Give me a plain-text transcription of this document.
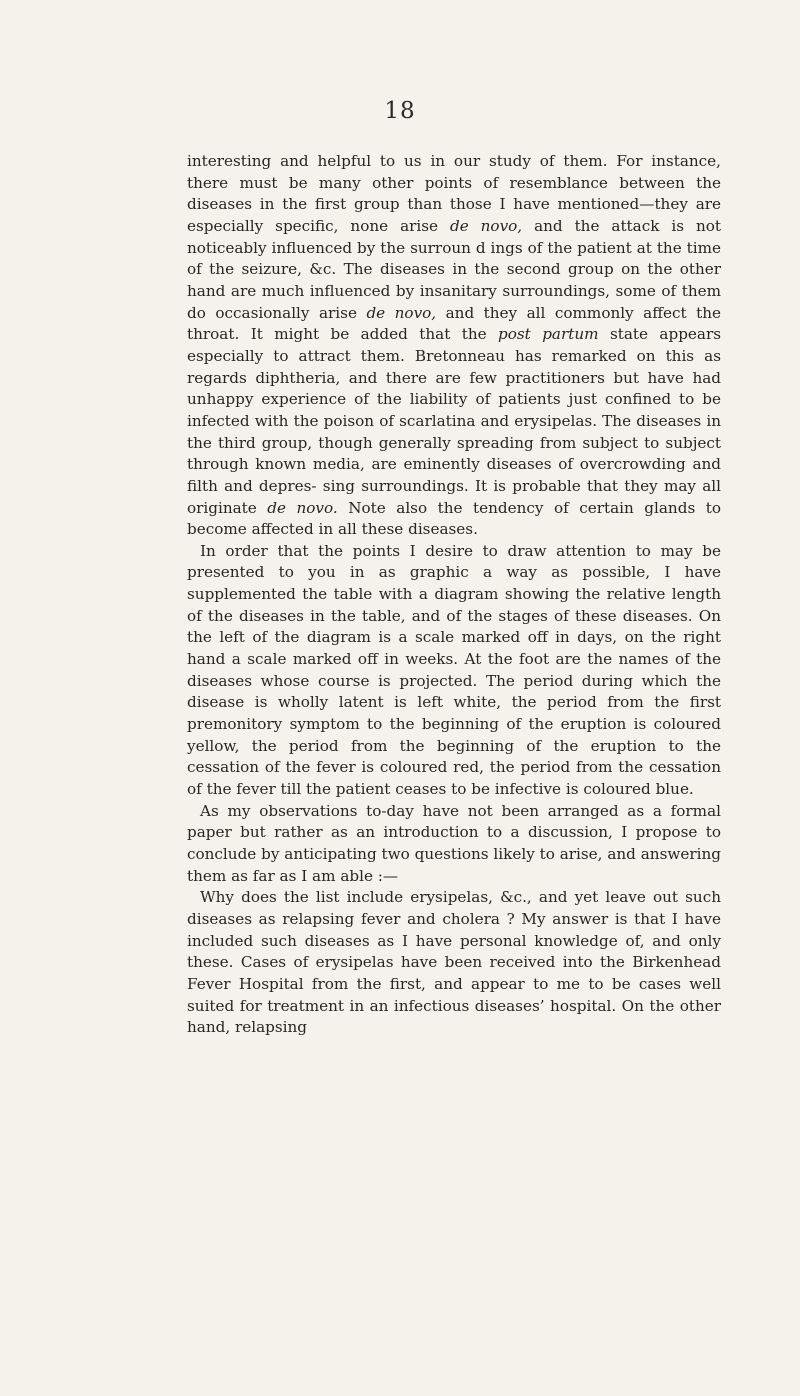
18

interesting and helpful to us in our study of them. For instance, there must be many other points of resemblance between the diseases in the first group than those I have mentioned—they are especially specific, none arise de novo, and the attack is not noticeably influenced by the surroun d ings of the patient at the time of the seizure, &c. The diseases in the second group on the other hand are much influenced by insanitary surroundings, some of them do occasionally arise de novo, and they all commonly affect the throat. It might be added that the post partum state appears especially to attract them. Bretonneau has remarked on this as regards diphtheria, and there are few practitioners but have had unhappy experience of the liability of patients just confined to be infected with the poison of scarlatina and erysipelas. The diseases in the third group, though generally spreading from subject to subject through known media, are eminently diseases of overcrowding and filth and depres- sing surroundings. It is probable that they may all originate de novo. Note also the tendency of certain glands to become affected in all these diseases.

In order that the points I desire to draw attention to may be presented to you in as graphic a way as possible, I have supplemented the table with a diagram showing the relative length of the diseases in the table, and of the stages of these diseases. On the left of the diagram is a scale marked off in days, on the right hand a scale marked off in weeks. At the foot are the names of the diseases whose course is projected. The period during which the disease is wholly latent is left white, the period from the first premonitory symptom to the beginning of the eruption is coloured yellow, the period from the beginning of the eruption to the cessation of the fever is coloured red, the period from the cessation of the fever till the patient ceases to be infective is coloured blue.

As my observations to-day have not been arranged as a formal paper but rather as an introduction to a discussion, I propose to conclude by anticipating two questions likely to arise, and answering them as far as I am able :—

Why does the list include erysipelas, &c., and yet leave out such diseases as relapsing fever and cholera ? My answer is that I have included such diseases as I have personal knowledge of, and only these. Cases of erysipelas have been received into the Birkenhead Fever Hospital from the first, and appear to me to be cases well suited for treatment in an infectious diseases’ hospital. On the other hand, relapsing
